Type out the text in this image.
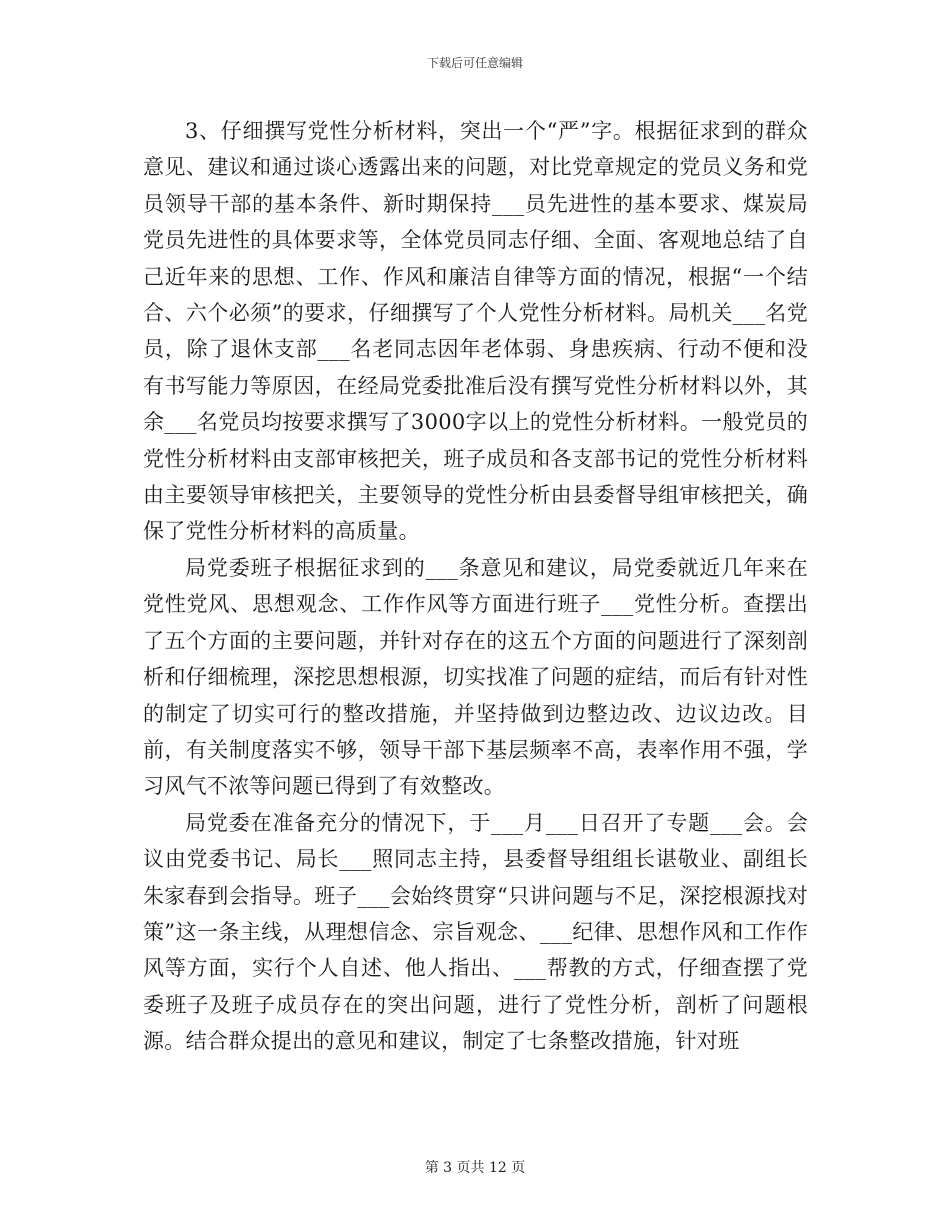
下载后可任意编辑

3、仔细撰写党性分析材料，突出一个“严”字。根据征求到的群众意见、建议和通过谈心透露出来的问题，对比党章规定的党员义务和党员领导干部的基本条件、新时期保持___员先进性的基本要求、煤炭局党员先进性的具体要求等，全体党员同志仔细、全面、客观地总结了自己近年来的思想、工作、作风和廉洁自律等方面的情况，根据“一个结合、六个必须”的要求，仔细撰写了个人党性分析材料。局机关___名党员，除了退休支部___名老同志因年老体弱、身患疾病、行动不便和没有书写能力等原因，在经局党委批准后没有撰写党性分析材料以外，其余___名党员均按要求撰写了3000字以上的党性分析材料。一般党员的党性分析材料由支部审核把关，班子成员和各支部书记的党性分析材料由主要领导审核把关，主要领导的党性分析由县委督导组审核把关，确保了党性分析材料的高质量。

局党委班子根据征求到的___条意见和建议，局党委就近几年来在党性党风、思想观念、工作作风等方面进行班子___党性分析。查摆出了五个方面的主要问题，并针对存在的这五个方面的问题进行了深刻剖析和仔细梳理，深挖思想根源，切实找准了问题的症结，而后有针对性的制定了切实可行的整改措施，并坚持做到边整边改、边议边改。目前，有关制度落实不够，领导干部下基层频率不高，表率作用不强，学习风气不浓等问题已得到了有效整改。

局党委在准备充分的情况下，于___月___日召开了专题___会。会议由党委书记、局长___照同志主持，县委督导组组长谌敬业、副组长朱家春到会指导。班子___会始终贯穿“只讲问题与不足，深挖根源找对策”这一条主线，从理想信念、宗旨观念、___纪律、思想作风和工作作风等方面，实行个人自述、他人指出、___帮教的方式，仔细查摆了党委班子及班子成员存在的突出问题，进行了党性分析，剖析了问题根源。结合群众提出的意见和建议，制定了七条整改措施，针对班

第 3 页共 12 页
